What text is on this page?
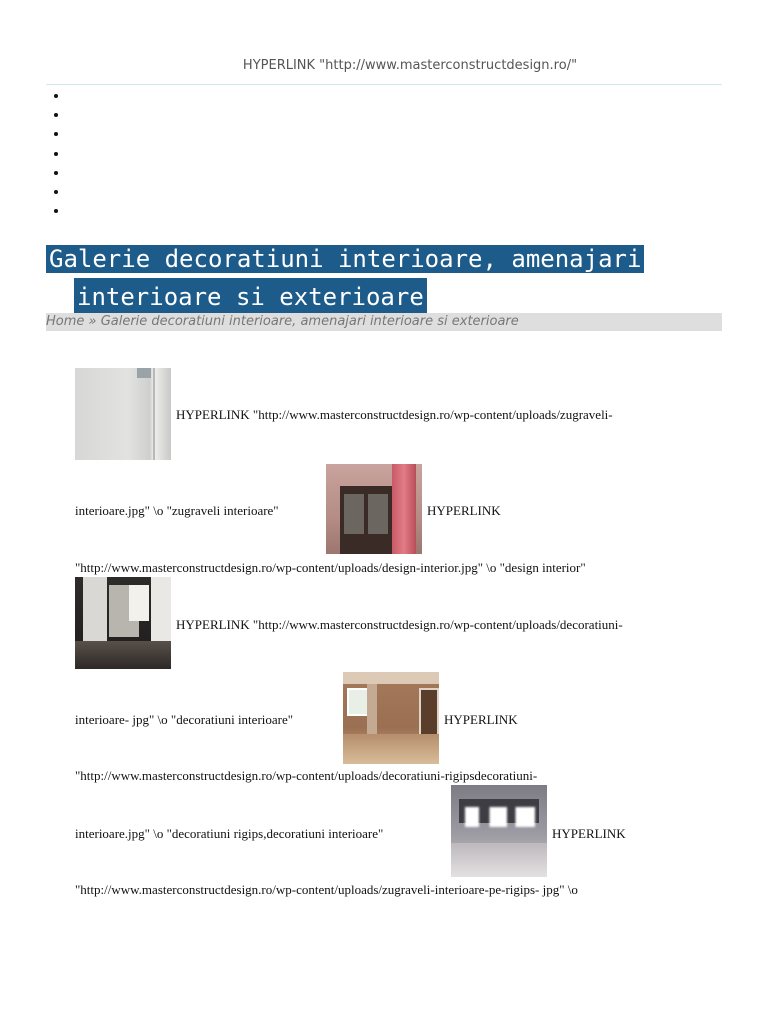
HYPERLINK "http://www.masterconstructdesign.ro/"
Galerie decoratiuni interioare, amenajari
interioare si exterioare
Home » Galerie decoratiuni interioare, amenajari interioare si exterioare
HYPERLINK "http://www.masterconstructdesign.ro/wp-content/uploads/zugraveli-
interioare.jpg" \o "zugraveli interioare"	HYPERLINK
"http://www.masterconstructdesign.ro/wp-content/uploads/design-interior.jpg" \o "design interior"
HYPERLINK "http://www.masterconstructdesign.ro/wp-content/uploads/decoratiuni-
interioare- jpg" \o "decoratiuni interioare"	HYPERLINK
"http://www.masterconstructdesign.ro/wp-content/uploads/decoratiuni-rigipsdecoratiuni-
interioare.jpg" \o "decoratiuni rigips,decoratiuni interioare"	HYPERLINK
"http://www.masterconstructdesign.ro/wp-content/uploads/zugraveli-interioare-pe-rigips- jpg" \o
